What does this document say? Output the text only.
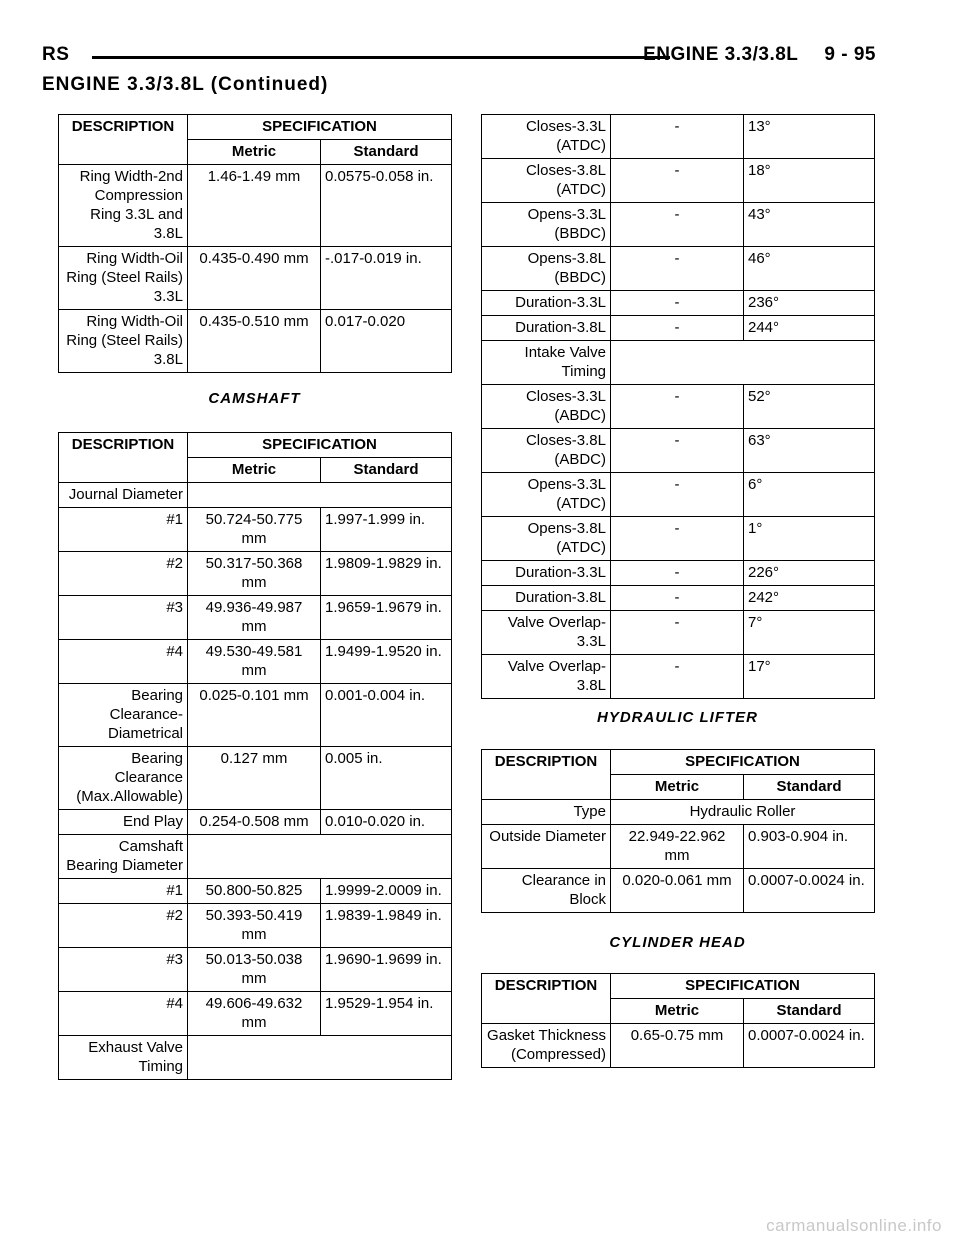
RS	ENGINE 3.3/3.8L 9 - 95
ENGINE 3.3/3.8L (Continued)
DESCRIPTION	SPECIFICATION	
	Metric	Standard
Ring Width-2nd Compression Ring 3.3L and 3.8L	1.46-1.49 mm	0.0575-0.058 in.
Ring Width-Oil Ring (Steel Rails) 3.3L	0.435-0.490 mm	-.017-0.019 in.
Ring Width-Oil Ring (Steel Rails) 3.8L	0.435-0.510 mm	0.017-0.020
CAMSHAFT
DESCRIPTION	SPECIFICATION	
	Metric	Standard
Journal Diameter		
#1	50.724-50.775 mm	1.997-1.999 in.
#2	50.317-50.368 mm	1.9809-1.9829 in.
#3	49.936-49.987 mm	1.9659-1.9679 in.
#4	49.530-49.581 mm	1.9499-1.9520 in.
Bearing Clearance- Diametrical	0.025-0.101 mm	0.001-0.004 in.
Bearing Clearance (Max.Allowable)	0.127 mm	0.005 in.
End Play	0.254-0.508 mm	0.010-0.020 in.
Camshaft Bearing Diameter		
#1	50.800-50.825	1.9999-2.0009 in.
#2	50.393-50.419 mm	1.9839-1.9849 in.
#3	50.013-50.038 mm	1.9690-1.9699 in.
#4	49.606-49.632 mm	1.9529-1.954 in.
Exhaust Valve Timing		
Closes-3.3L (ATDC)	-	13°
Closes-3.8L (ATDC)	-	18°
Opens-3.3L (BBDC)	-	43°
Opens-3.8L (BBDC)	-	46°
Duration-3.3L	-	236°
Duration-3.8L	-	244°
Intake Valve Timing		
Closes-3.3L (ABDC)	-	52°
Closes-3.8L (ABDC)	-	63°
Opens-3.3L (ATDC)	-	6°
Opens-3.8L (ATDC)	-	1°
Duration-3.3L	-	226°
Duration-3.8L	-	242°
Valve Overlap- 3.3L	-	7°
Valve Overlap- 3.8L	-	17°
HYDRAULIC LIFTER
DESCRIPTION	SPECIFICATION	
	Metric	Standard
Type	Hydraulic Roller	
Outside Diameter	22.949-22.962 mm	0.903-0.904 in.
Clearance in Block	0.020-0.061 mm	0.0007-0.0024 in.
CYLINDER HEAD
DESCRIPTION	SPECIFICATION	
	Metric	Standard
Gasket Thickness (Compressed)	0.65-0.75 mm	0.0007-0.0024 in.
carmanualsonline.info
